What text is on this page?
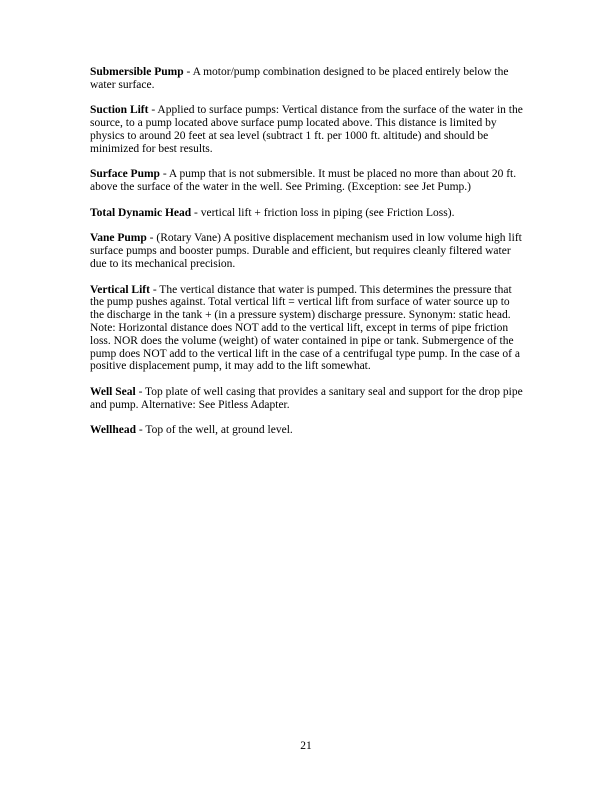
Submersible Pump - A motor/pump combination designed to be placed entirely below the water surface.

Suction Lift - Applied to surface pumps: Vertical distance from the surface of the water in the source, to a pump located above surface pump located above. This distance is limited by physics to around 20 feet at sea level (subtract 1 ft. per 1000 ft. altitude) and should be minimized for best results.

Surface Pump - A pump that is not submersible. It must be placed no more than about 20 ft. above the surface of the water in the well. See Priming. (Exception: see Jet Pump.)

Total Dynamic Head - vertical lift + friction loss in piping (see Friction Loss).

Vane Pump - (Rotary Vane) A positive displacement mechanism used in low volume high lift surface pumps and booster pumps. Durable and efficient, but requires cleanly filtered water due to its mechanical precision.

Vertical Lift - The vertical distance that water is pumped. This determines the pressure that the pump pushes against. Total vertical lift = vertical lift from surface of water source up to the discharge in the tank + (in a pressure system) discharge pressure. Synonym: static head. Note: Horizontal distance does NOT add to the vertical lift, except in terms of pipe friction loss. NOR does the volume (weight) of water contained in pipe or tank. Submergence of the pump does NOT add to the vertical lift in the case of a centrifugal type pump. In the case of a positive displacement pump, it may add to the lift somewhat.

Well Seal - Top plate of well casing that provides a sanitary seal and support for the drop pipe and pump. Alternative: See Pitless Adapter.

Wellhead - Top of the well, at ground level.

21
